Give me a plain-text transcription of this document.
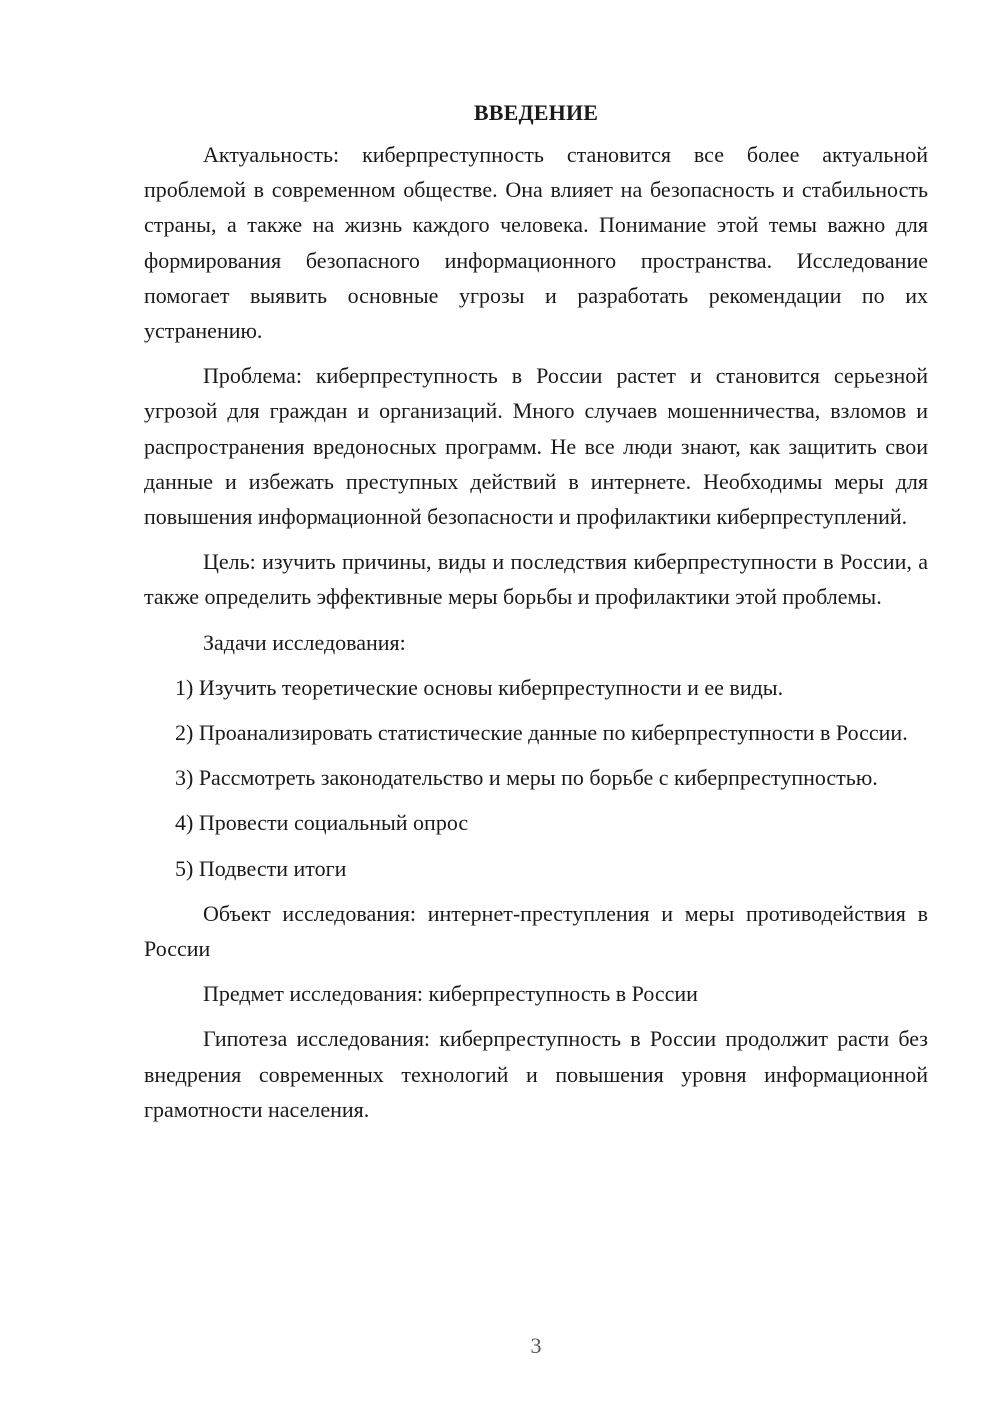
ВВЕДЕНИЕ

Актуальность: киберпреступность становится все более актуальной проблемой в современном обществе. Она влияет на безопасность и стабильность страны, а также на жизнь каждого человека. Понимание этой темы важно для формирования безопасного информационного пространства. Исследование помогает выявить основные угрозы и разработать рекомендации по их устранению.

Проблема: киберпреступность в России растет и становится серьезной угрозой для граждан и организаций. Много случаев мошенничества, взломов и распространения вредоносных программ. Не все люди знают, как защитить свои данные и избежать преступных действий в интернете. Необходимы меры для повышения информационной безопасности и профилактики киберпреступлений.

Цель: изучить причины, виды и последствия киберпреступности в России, а также определить эффективные меры борьбы и профилактики этой проблемы.

Задачи исследования:

1) Изучить теоретические основы киберпреступности и ее виды.

2) Проанализировать статистические данные по киберпреступности в России.

3) Рассмотреть законодательство и меры по борьбе с киберпреступностью.

4) Провести социальный опрос

5) Подвести итоги

Объект исследования: интернет-преступления и меры противодействия в России

Предмет исследования: киберпреступность в России

Гипотеза исследования: киберпреступность в России продолжит расти без внедрения современных технологий и повышения уровня информационной грамотности населения.

3
